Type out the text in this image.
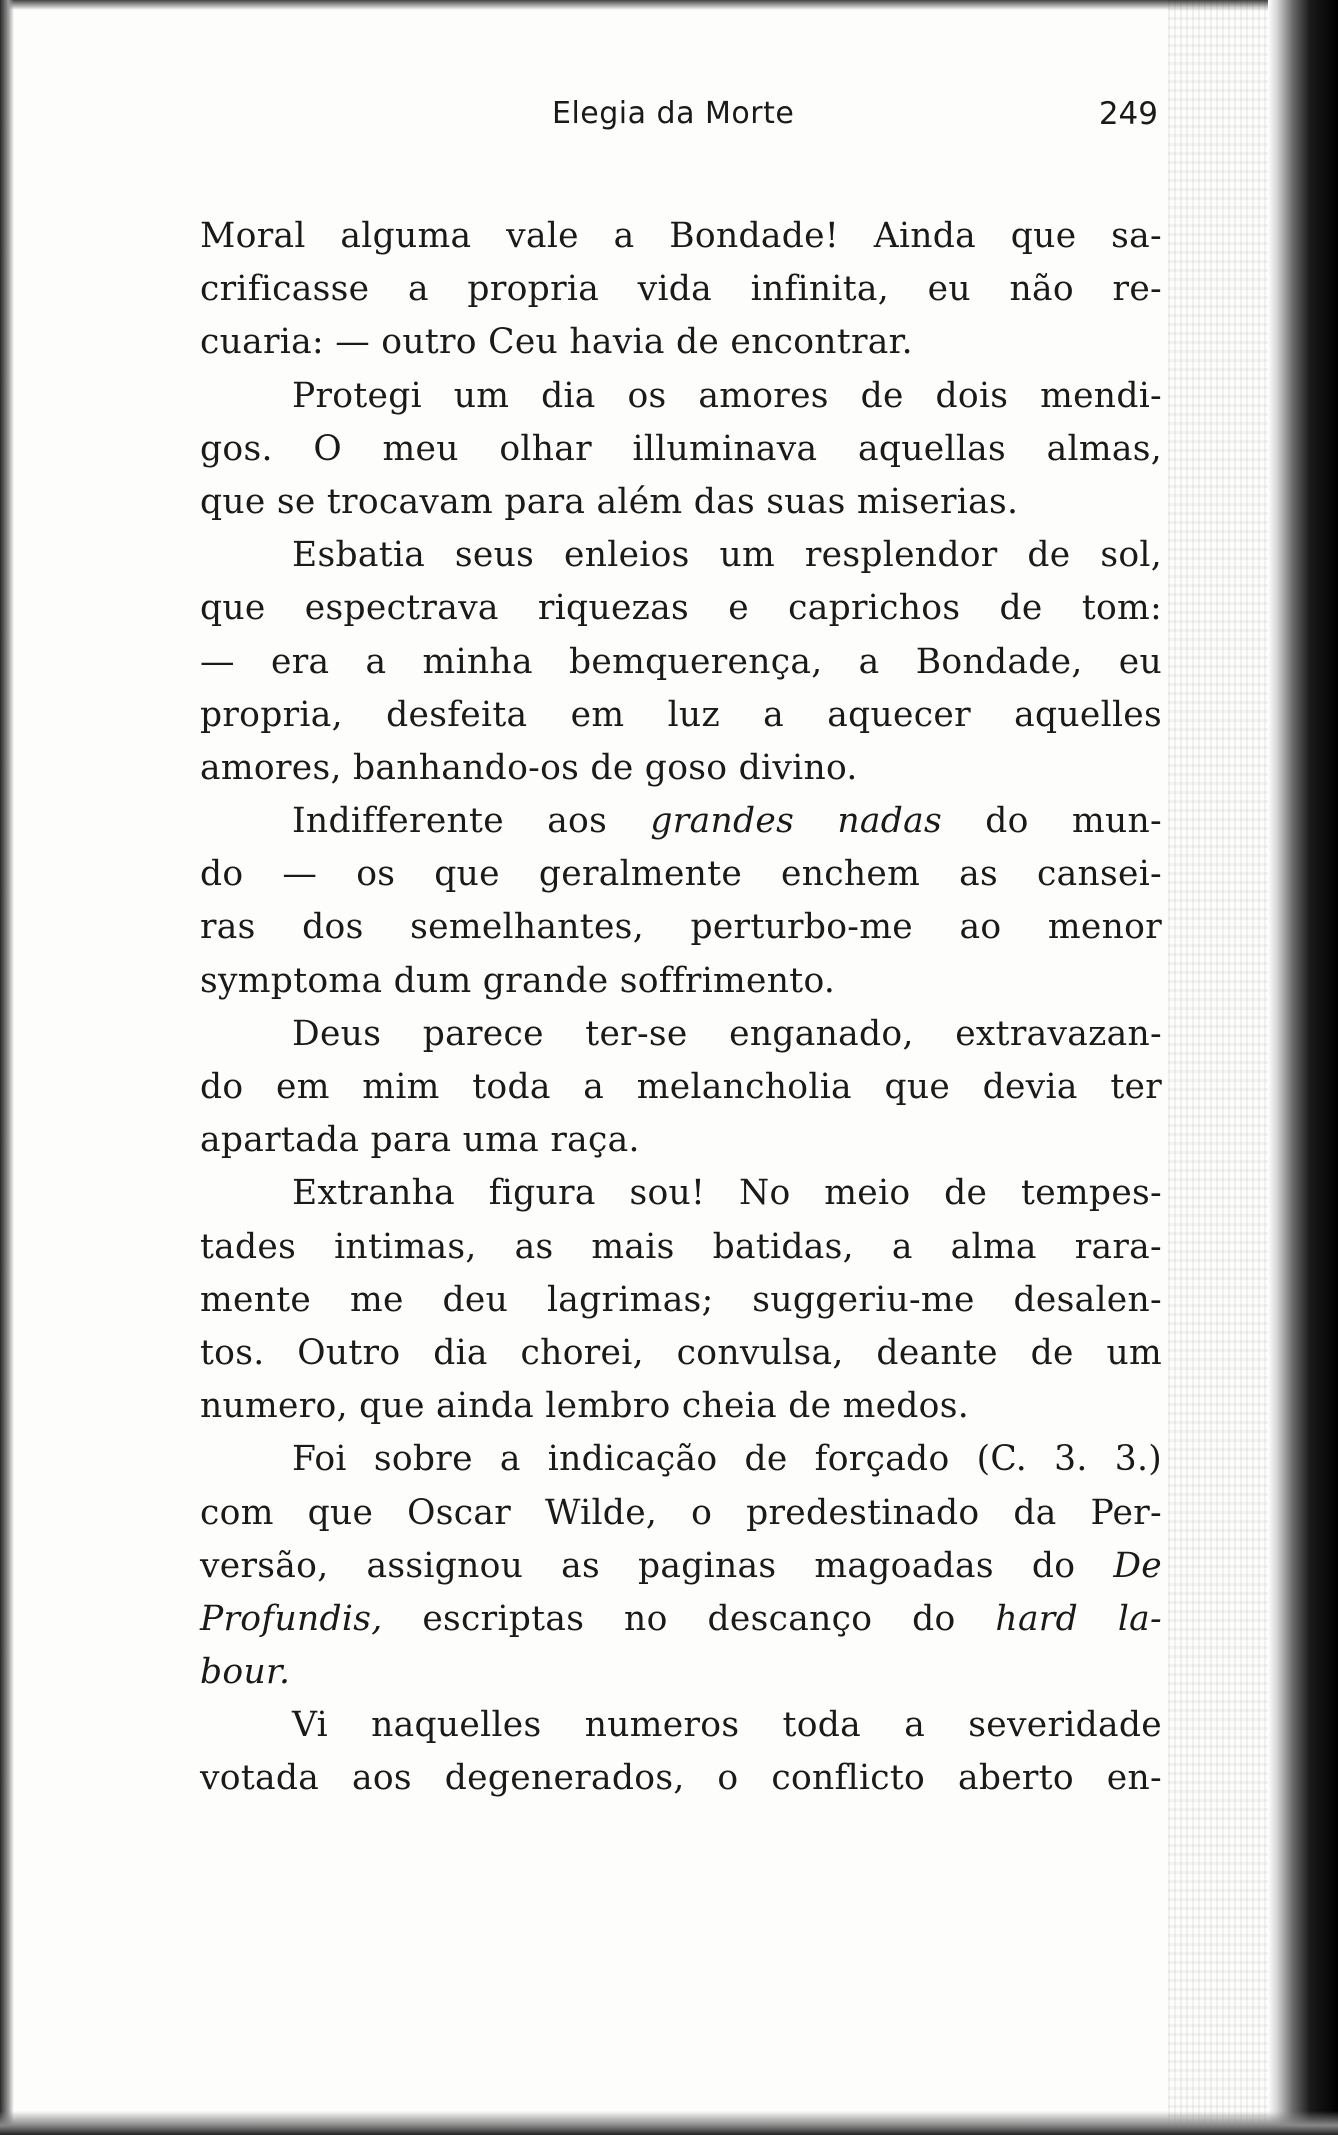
Elegia da Morte	249
Moral alguma vale a Bondade! Ainda que sa-
crificasse a propria vida infinita, eu não re-
cuaria: — outro Ceu havia de encontrar.
Protegi um dia os amores de dois mendi-
gos. O meu olhar illuminava aquellas almas,
que se trocavam para além das suas miserias.
Esbatia seus enleios um resplendor de sol,
que espectrava riquezas e caprichos de tom:
— era a minha bemquerença, a Bondade, eu
propria, desfeita em luz a aquecer aquelles
amores, banhando-os de goso divino.
Indifferente aos grandes nadas do mun-
do — os que geralmente enchem as cansei-
ras dos semelhantes, perturbo-me ao menor
symptoma dum grande soffrimento.
Deus parece ter-se enganado, extravazan-
do em mim toda a melancholia que devia ter
apartada para uma raça.
Extranha figura sou! No meio de tempes-
tades intimas, as mais batidas, a alma rara-
mente me deu lagrimas; suggeriu-me desalen-
tos. Outro dia chorei, convulsa, deante de um
numero, que ainda lembro cheia de medos.
Foi sobre a indicação de forçado (C. 3. 3.)
com que Oscar Wilde, o predestinado da Per-
versão, assignou as paginas magoadas do De
Profundis, escriptas no descanço do hard la-
bour.
Vi naquelles numeros toda a severidade
votada aos degenerados, o conflicto aberto en-
